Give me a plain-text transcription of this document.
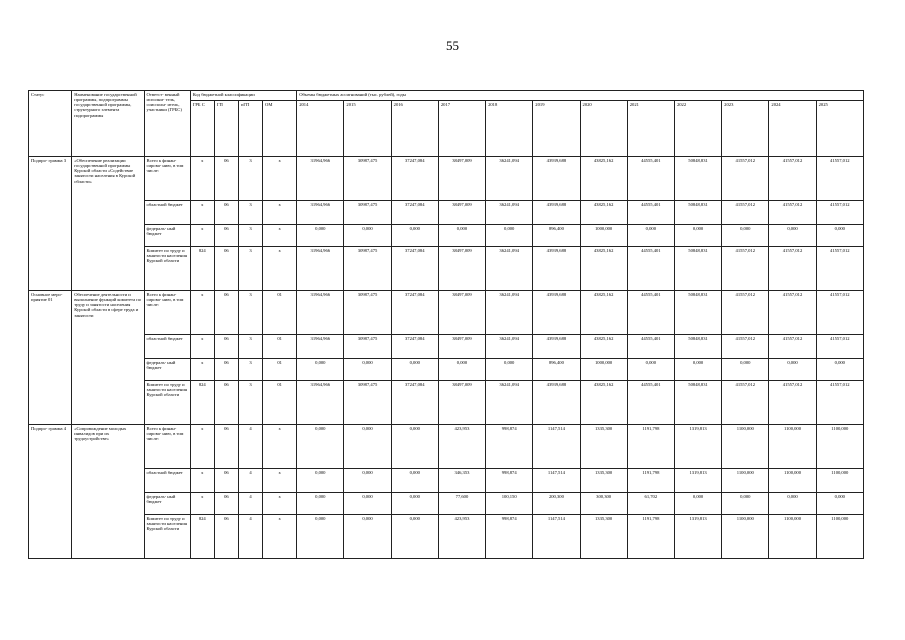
55
Статус	Наименование государственной программы, подпрограммы государственной программы, структурного элемента подпрограммы	Ответст- венный исполни- тель, соисполн- итель, участники (ГРБС)	Код бюджетной классификации				Объемы бюджетных ассигнований (тыс. рублей), годы											
			ГРБ С	ГП	пГП	ОМ	2014	2015	2016	2017	2018	2019	2020	2021	2022	2023	2024	2025
Подпро- грамма 3	«Обеспечение реализации государственной программы Курской области «Содействие занятости населения в Курской области»	Всего к финан- сирова- нию, в том числе:	х	06	3	х	31964,966	30987,475	37247,084	38497,009	36241,094	43939,688	43825,162	44555,401	50848,831	41557,012	41557,012	41557,012
		областной бюджет	х	06	3	х	31964,966	30987,475	37247,084	38497,009	36241,094	43939,688	43825,162	44555,401	50848,831	41557,012	41557,012	41557,012
		федераль- ный бюджет	х	06	3	х	0,000	0,000	0,000	0,000	0,000	896,400	1000,000	0,000	0,000	0,000	0,000	0,000
		Комитет по труду и занятости населения Курской области	824	06	3	х	31964,966	30987,475	37247,084	38497,009	36241,094	43939,688	43825,162	44555,401	50848,831	41557,012	41557,012	41557,012
Основное меро- приятие 01	Обеспечение деятельности и выполнение функций комитета по труду и занятости населения Курской области в сфере труда и занятости	Всего к финан- сирова- нию, в том числе:	х	06	3	01	31964,966	30987,475	37247,084	38497,009	36241,094	43939,688	43825,162	44555,401	50848,831	41557,012	41557,012	41557,012
		областной бюджет	х	06	3	01	31964,966	30987,475	37247,084	38497,009	36241,094	43939,688	43825,162	44555,401	50848,831	41557,012	41557,012	41557,012
		федераль- ный бюджет	х	06	3	01	0,000	0,000	0,000	0,000	0,000	896,400	1000,000	0,000	0,000	0,000	0,000	0,000
		Комитет по труду и занятости населения Курской области	824	06	3	01	31964,966	30987,475	37247,084	38497,009	36241,094	43939,688	43825,162	44555,401	50848,831	41557,012	41557,012	41557,012
Подпро- грамма 4	«Сопровождение молодых инвалидов при их трудоустройстве»	Всего к финан- сирова- нию, в том числе:	х	06	4	х	0,000	0,000	0,000	423,953	998,874	1147,514	1335,300	1191,798	1319,813	1100,000	1100,000	1100,000
		областной бюджет	х	06	4	х	0,000	0,000	0,000	346,353	998,874	1147,514	1335,300	1191,798	1319,813	1100,000	1100,000	1100,000
		федераль- ный бюджет	х	06	4	х	0,000	0,000	0,000	77,600	100,150	200,300	300,300	61,702	0,000	0,000	0,000	0,000
		Комитет по труду и занятости населения Курской области	824	06	4	х	0,000	0,000	0,000	423,953	998,874	1147,514	1335,300	1191,798	1319,813	1100,000	1100,000	1100,000
